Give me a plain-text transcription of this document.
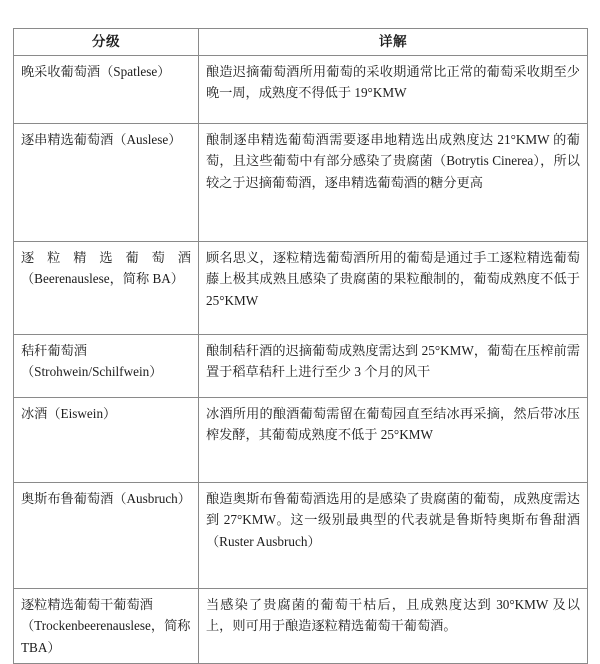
分级	详解
晚采收葡萄酒（Spatlese）	酿造迟摘葡萄酒所用葡萄的采收期通常比正常的葡萄采收期至少晚一周，成熟度不得低于 19°KMW
逐串精选葡萄酒（Auslese）	酿制逐串精选葡萄酒需要逐串地精选出成熟度达 21°KMW 的葡萄，且这些葡萄中有部分感染了贵腐菌（Botrytis Cinerea），所以较之于迟摘葡萄酒，逐串精选葡萄酒的糖分更高
逐粒精选葡萄酒（Beerenauslese，简称 BA）	顾名思义，逐粒精选葡萄酒所用的葡萄是通过手工逐粒精选葡萄藤上极其成熟且感染了贵腐菌的果粒酿制的，葡萄成熟度不低于 25°KMW
秸秆葡萄酒（Strohwein/Schilfwein）	酿制秸秆酒的迟摘葡萄成熟度需达到 25°KMW，葡萄在压榨前需置于稻草秸秆上进行至少 3 个月的风干
冰酒（Eiswein）	冰酒所用的酿酒葡萄需留在葡萄园直至结冰再采摘，然后带冰压榨发酵，其葡萄成熟度不低于 25°KMW
奥斯布鲁葡萄酒（Ausbruch）	酿造奥斯布鲁葡萄酒选用的是感染了贵腐菌的葡萄，成熟度需达到 27°KMW。这一级别最典型的代表就是鲁斯特奥斯布鲁甜酒（Ruster Ausbruch）
逐粒精选葡萄干葡萄酒（Trockenbeerenauslese，简称 TBA）	当感染了贵腐菌的葡萄干枯后，且成熟度达到 30°KMW 及以上，则可用于酿造逐粒精选葡萄干葡萄酒。
